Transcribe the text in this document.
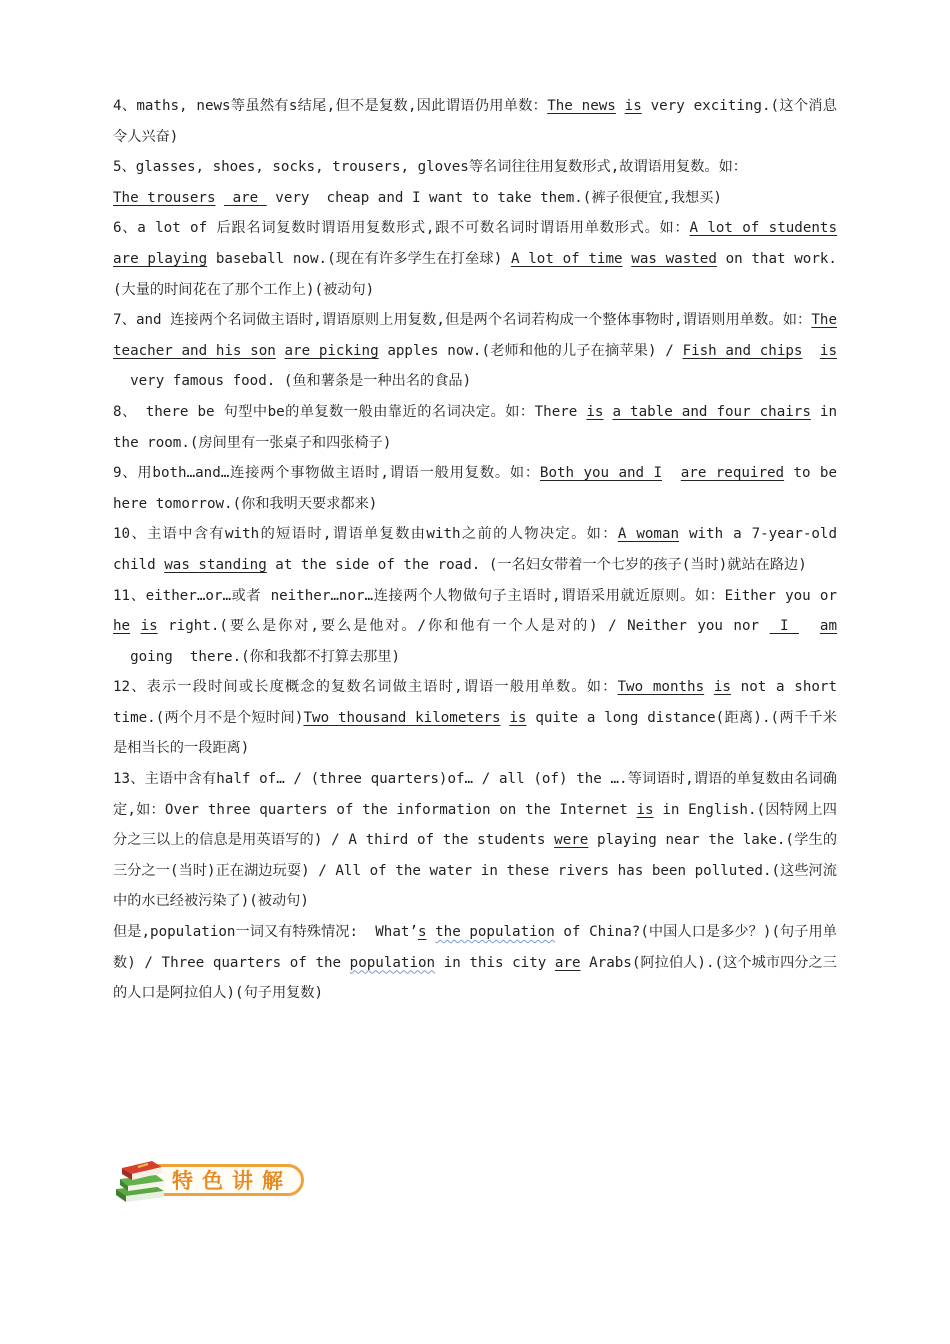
4、maths, news等虽然有s结尾,但不是复数,因此谓语仍用单数：The news is very exciting.(这个消息令人兴奋)

5、glasses, shoes, socks, trousers, gloves等名词往往用复数形式,故谓语用复数。如：
The trousers  are  very  cheap and I want to take them.(裤子很便宜,我想买)

6、a lot of 后跟名词复数时谓语用复数形式,跟不可数名词时谓语用单数形式。如：A lot of students are playing baseball now.(现在有许多学生在打垒球) A lot of time was wasted on that work.(大量的时间花在了那个工作上)(被动句)

7、and 连接两个名词做主语时,谓语原则上用复数,但是两个名词若构成一个整体事物时,谓语则用单数。如：The teacher and his son are picking apples now.(老师和他的儿子在摘苹果) / Fish and chips is  very famous food. (鱼和薯条是一种出名的食品)

8、 there be 句型中be的单复数一般由靠近的名词决定。如：There is a table and four chairs in the room.(房间里有一张桌子和四张椅子)

9、用both…and…连接两个事物做主语时,谓语一般用复数。如：Both you and I are required to be here tomorrow.(你和我明天要求都来)

10、主语中含有with的短语时,谓语单复数由with之前的人物决定。如：A woman with a 7-year-old child was standing at the side of the road. (一名妇女带着一个七岁的孩子(当时)就站在路边)

11、either…or…或者 neither…nor…连接两个人物做句子主语时,谓语采用就近原则。如：Either you or he is right.(要么是你对,要么是他对。/你和他有一个人是对的) / Neither you nor  I   am  going  there.(你和我都不打算去那里)

12、表示一段时间或长度概念的复数名词做主语时,谓语一般用单数。如：Two months is not a short time.(两个月不是个短时间)Two thousand kilometers is quite a long distance(距离).(两千千米是相当长的一段距离)

13、主语中含有half of… / (three quarters)of… / all (of) the ….等词语时,谓语的单复数由名词确定,如：Over three quarters of the information on the Internet is in English.(因特网上四分之三以上的信息是用英语写的) / A third of the students were playing near the lake.(学生的三分之一(当时)正在湖边玩耍) / All of the water in these rivers has been polluted.(这些河流中的水已经被污染了)(被动句)

但是,population一词又有特殊情况:  What’s the population of China?(中国人口是多少？)(句子用单数) / Three quarters of the population in this city are Arabs(阿拉伯人).(这个城市四分之三的人口是阿拉伯人)(句子用复数)

特色讲解
